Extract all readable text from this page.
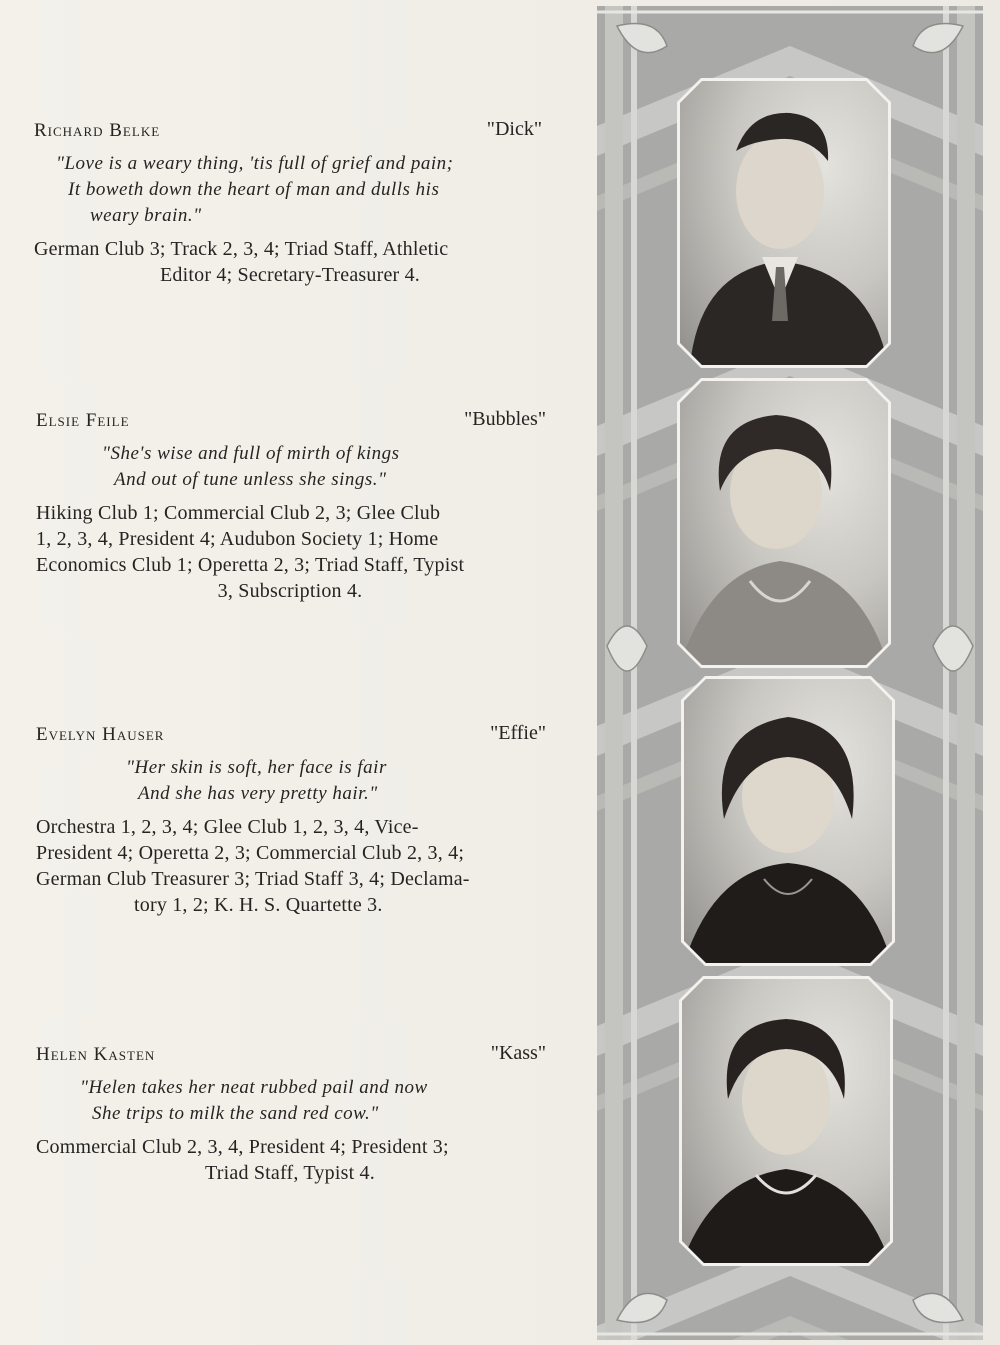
Richard Belke	"Dick"
"Love is a weary thing, 'tis full of grief and pain;
It boweth down the heart of man and dulls his
weary brain."
German Club 3; Track 2, 3, 4; Triad Staff, Athletic
Editor 4; Secretary-Treasurer 4.
Elsie Feile	"Bubbles"
"She's wise and full of mirth of kings
And out of tune unless she sings."
Hiking Club 1; Commercial Club 2, 3; Glee Club
1, 2, 3, 4, President 4; Audubon Society 1; Home
Economics Club 1; Operetta 2, 3; Triad Staff, Typist
3, Subscription 4.
Evelyn Hauser	"Effie"
"Her skin is soft, her face is fair
And she has very pretty hair."
Orchestra 1, 2, 3, 4; Glee Club 1, 2, 3, 4, Vice-
President 4; Operetta 2, 3; Commercial Club 2, 3, 4;
German Club Treasurer 3; Triad Staff 3, 4; Declama-
tory 1, 2; K. H. S. Quartette 3.
Helen Kasten	"Kass"
"Helen takes her neat rubbed pail and now
She trips to milk the sand red cow."
Commercial Club 2, 3, 4, President 4; President 3;
Triad Staff, Typist 4.
